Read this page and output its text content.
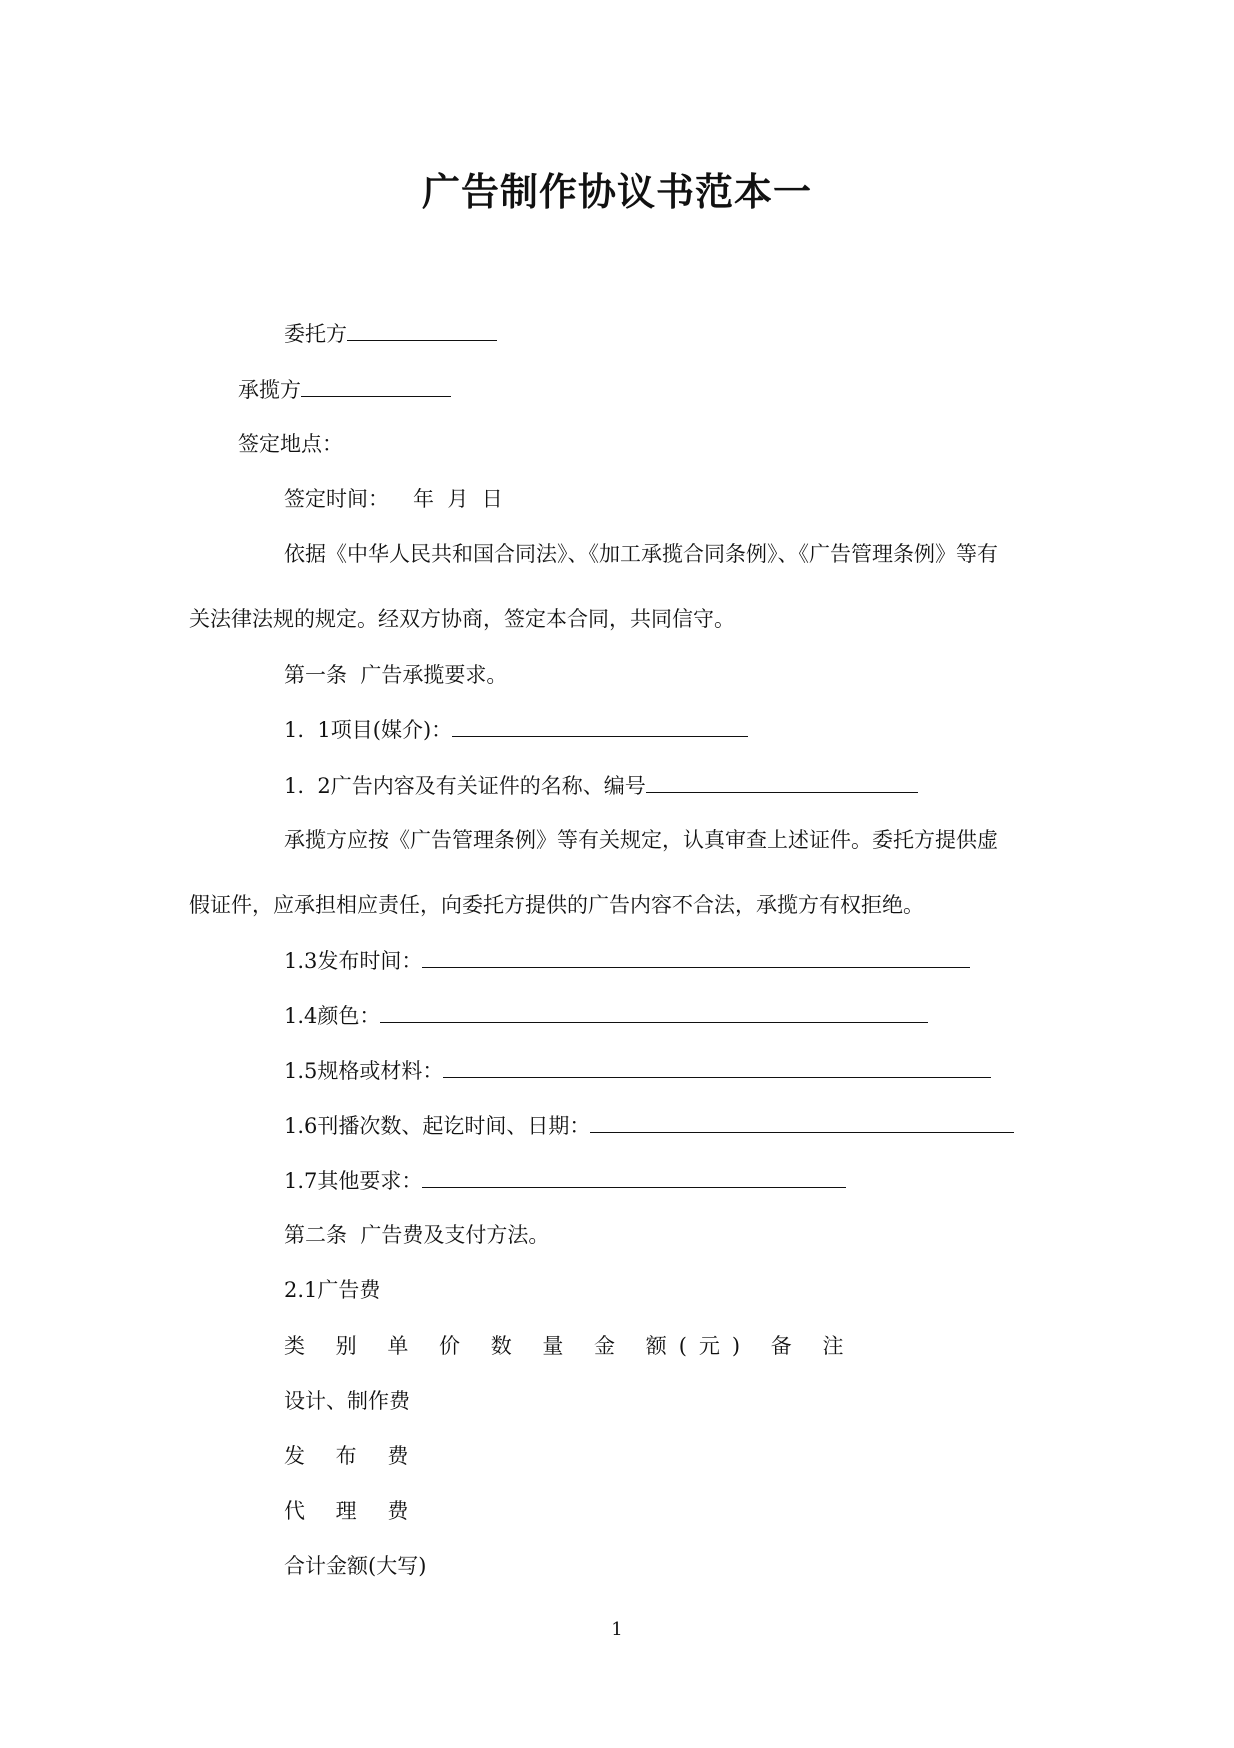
广告制作协议书范本一
委托方
承揽方
签定地点：
签定时间： 年  月  日
依据《中华人民共和国合同法》、《加工承揽合同条例》、《广告管理条例》等有
关法律法规的规定。经双方协商，签定本合同，共同信守。
第一条  广告承揽要求。
1.  1项目(媒介)：
1.  2广告内容及有关证件的名称、编号
承揽方应按《广告管理条例》等有关规定，认真审查上述证件。委托方提供虚
假证件，应承担相应责任，向委托方提供的广告内容不合法，承揽方有权拒绝。
1.3发布时间：
1.4颜色：
1.5规格或材料：
1.6刊播次数、起讫时间、日期：
1.7其他要求：
第二条  广告费及支付方法。
2.1广告费
类 别 单 价 数 量 金 额(元) 备 注
设计、制作费
发 布 费
代 理 费
合计金额(大写)
1
